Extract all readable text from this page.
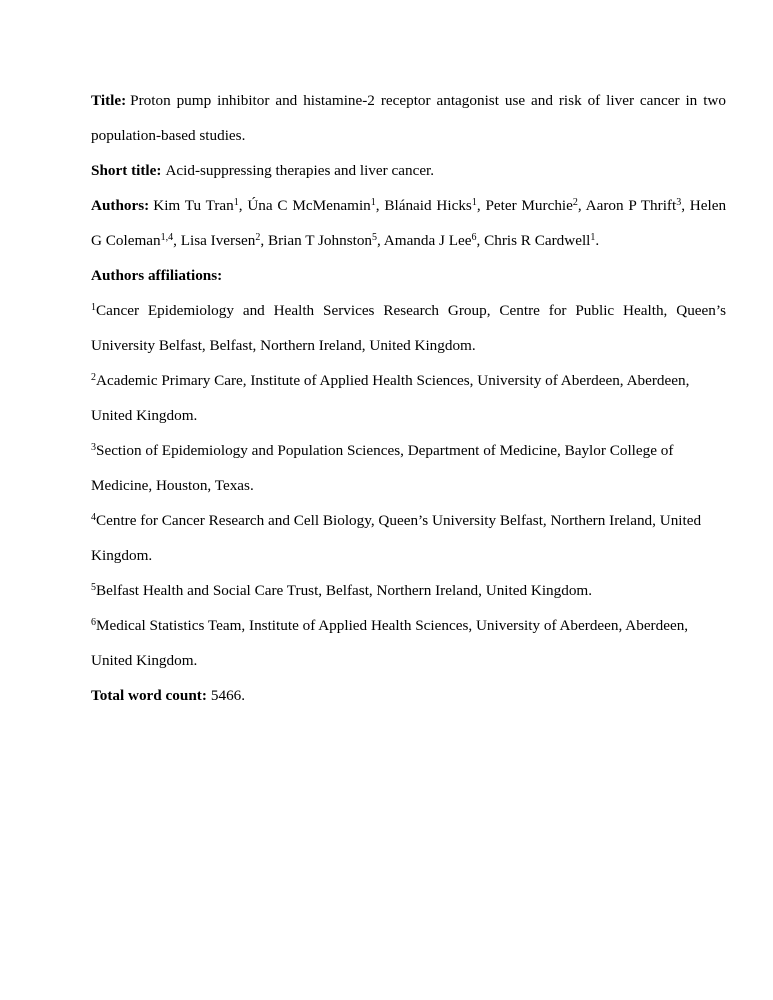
Title: Proton pump inhibitor and histamine-2 receptor antagonist use and risk of liver cancer in two population-based studies.

Short title: Acid-suppressing therapies and liver cancer.

Authors: Kim Tu Tran$^1$, Úna C McMenamin$^1$, Blánaid Hicks$^1$, Peter Murchie$^2$, Aaron P Thrift$^3$, Helen G Coleman$^{1,4}$, Lisa Iversen$^2$, Brian T Johnston$^5$, Amanda J Lee$^6$, Chris R Cardwell$^1$.

Authors affiliations:

$^1$Cancer Epidemiology and Health Services Research Group, Centre for Public Health, Queen’s University Belfast, Belfast, Northern Ireland, United Kingdom.

$^2$Academic Primary Care, Institute of Applied Health Sciences, University of Aberdeen, Aberdeen, United Kingdom.

$^3$Section of Epidemiology and Population Sciences, Department of Medicine, Baylor College of Medicine, Houston, Texas.

$^4$Centre for Cancer Research and Cell Biology, Queen’s University Belfast, Northern Ireland, United Kingdom.

$^5$Belfast Health and Social Care Trust, Belfast, Northern Ireland, United Kingdom.

$^6$Medical Statistics Team, Institute of Applied Health Sciences, University of Aberdeen, Aberdeen, United Kingdom.

Total word count: 5466.
